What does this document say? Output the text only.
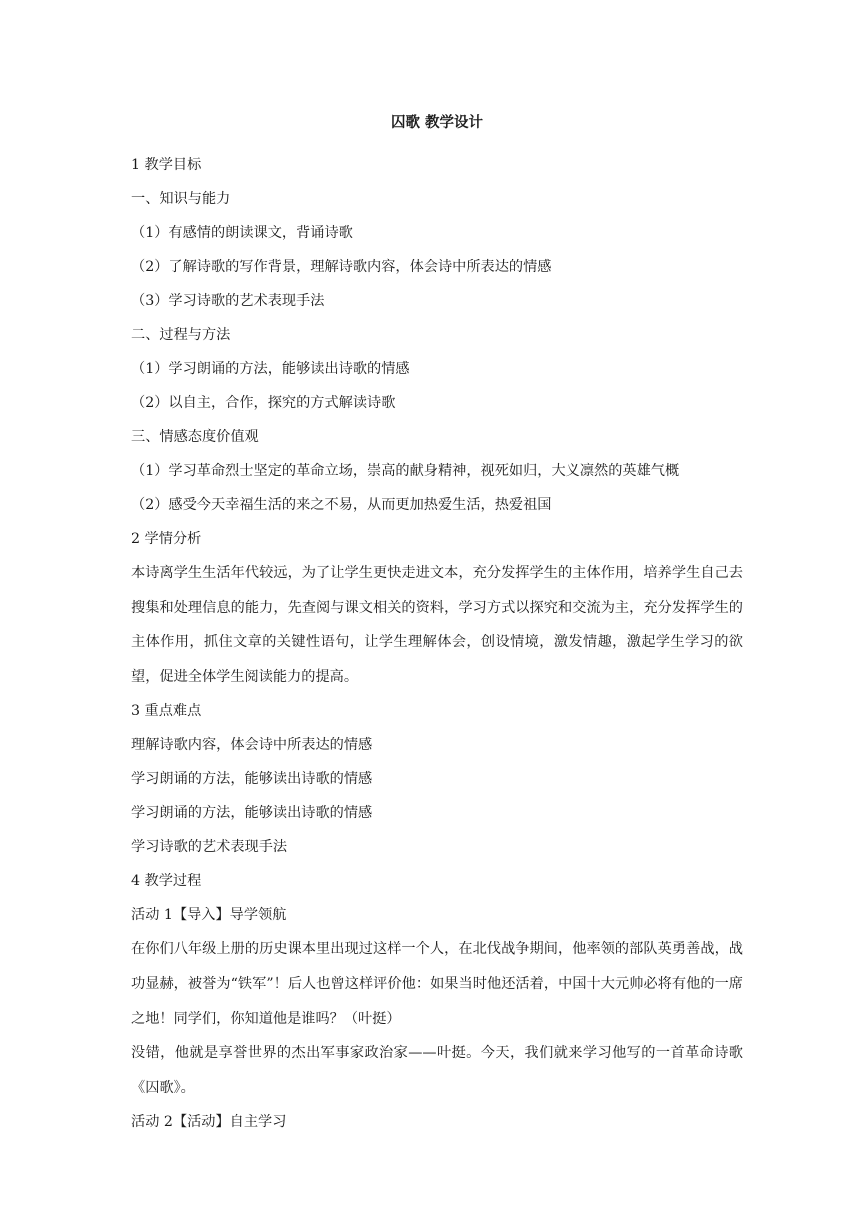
囚歌 教学设计
1 教学目标
一、知识与能力
（1）有感情的朗读课文，背诵诗歌
（2）了解诗歌的写作背景，理解诗歌内容，体会诗中所表达的情感
（3）学习诗歌的艺术表现手法
二、过程与方法
（1）学习朗诵的方法，能够读出诗歌的情感
（2）以自主，合作，探究的方式解读诗歌
三、情感态度价值观
（1）学习革命烈士坚定的革命立场，崇高的献身精神，视死如归，大义凛然的英雄气概
（2）感受今天幸福生活的来之不易，从而更加热爱生活，热爱祖国
2 学情分析
本诗离学生生活年代较远，为了让学生更快走进文本，充分发挥学生的主体作用，培养学生自己去搜集和处理信息的能力，先查阅与课文相关的资料，学习方式以探究和交流为主，充分发挥学生的主体作用，抓住文章的关键性语句，让学生理解体会，创设情境，激发情趣，激起学生学习的欲望，促进全体学生阅读能力的提高。
3 重点难点
理解诗歌内容，体会诗中所表达的情感
学习朗诵的方法，能够读出诗歌的情感
学习朗诵的方法，能够读出诗歌的情感
学习诗歌的艺术表现手法
4 教学过程
活动 1【导入】导学领航
在你们八年级上册的历史课本里出现过这样一个人，在北伐战争期间，他率领的部队英勇善战，战功显赫，被誉为“铁军”！后人也曾这样评价他：如果当时他还活着，中国十大元帅必将有他的一席之地！同学们，你知道他是谁吗？（叶挺）
没错，他就是享誉世界的杰出军事家政治家——叶挺。今天，我们就来学习他写的一首革命诗歌《囚歌》。
活动 2【活动】自主学习
